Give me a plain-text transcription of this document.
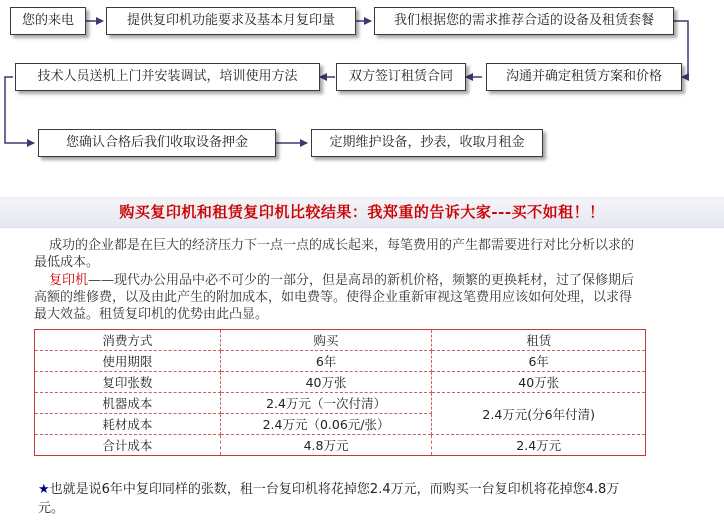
您的来电	提供复印机功能要求及基本月复印量	我们根据您的需求推荐合适的设备及租赁套餐
沟通并确定租赁方案和价格
双方签订租赁合同
技术人员送机上门并安装调试，培训使用方法
您确认合格后我们收取设备押金	定期维护设备，抄表，收取月租金
购买复印机和租赁复印机比较结果：我郑重的告诉大家---买不如租！！
成功的企业都是在巨大的经济压力下一点一点的成长起来，每笔费用的产生都需要进行对比分析以求的最低成本。
复印机——现代办公用品中必不可少的一部分，但是高昂的新机价格，频繁的更换耗材，过了保修期后高额的维修费，以及由此产生的附加成本，如电费等。使得企业重新审视这笔费用应该如何处理，以求得最大效益。租赁复印机的优势由此凸显。
消费方式	购买	租赁
使用期限	6年	6年
复印张数	40万张	40万张
机器成本	2.4万元（一次付清）	2.4万元(分6年付清)
耗材成本	2.4万元（0.06元/张）	
合计成本	4.8万元	2.4万元
★也就是说6年中复印同样的张数，租一台复印机将花掉您2.4万元，而购买一台复印机将花掉您4.8万元。
